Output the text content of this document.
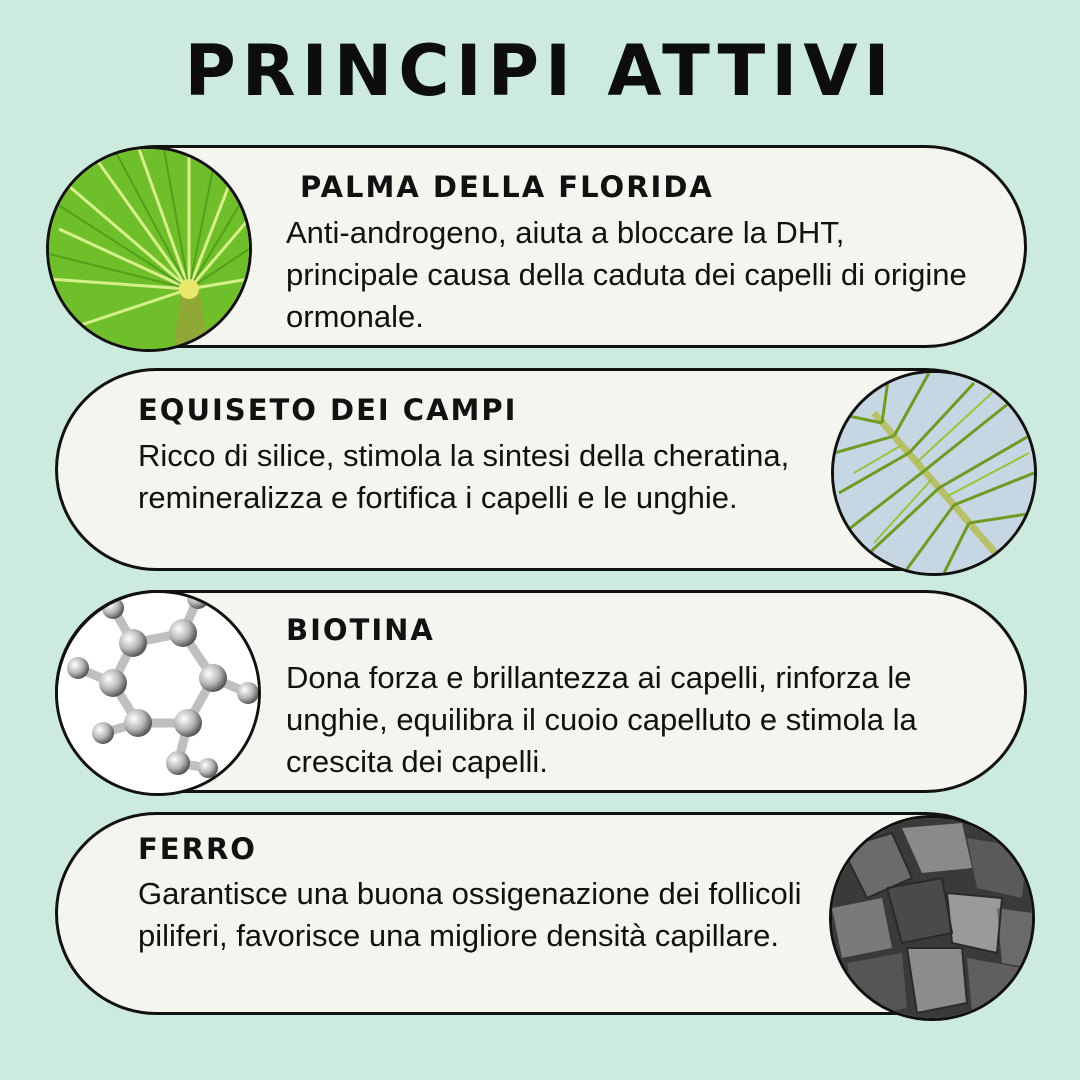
PRINCIPI ATTIVI
PALMA DELLA FLORIDA
Anti-androgeno, aiuta a bloccare la DHT, principale causa della caduta dei capelli di origine ormonale.
EQUISETO DEI CAMPI
Ricco di silice, stimola la sintesi della cheratina, remineralizza e fortifica i capelli e le unghie.
BIOTINA
Dona forza e brillantezza ai capelli, rinforza le unghie, equilibra il cuoio capelluto e stimola la crescita dei capelli.
FERRO
Garantisce una buona ossigenazione dei follicoli piliferi, favorisce una migliore densità capillare.
